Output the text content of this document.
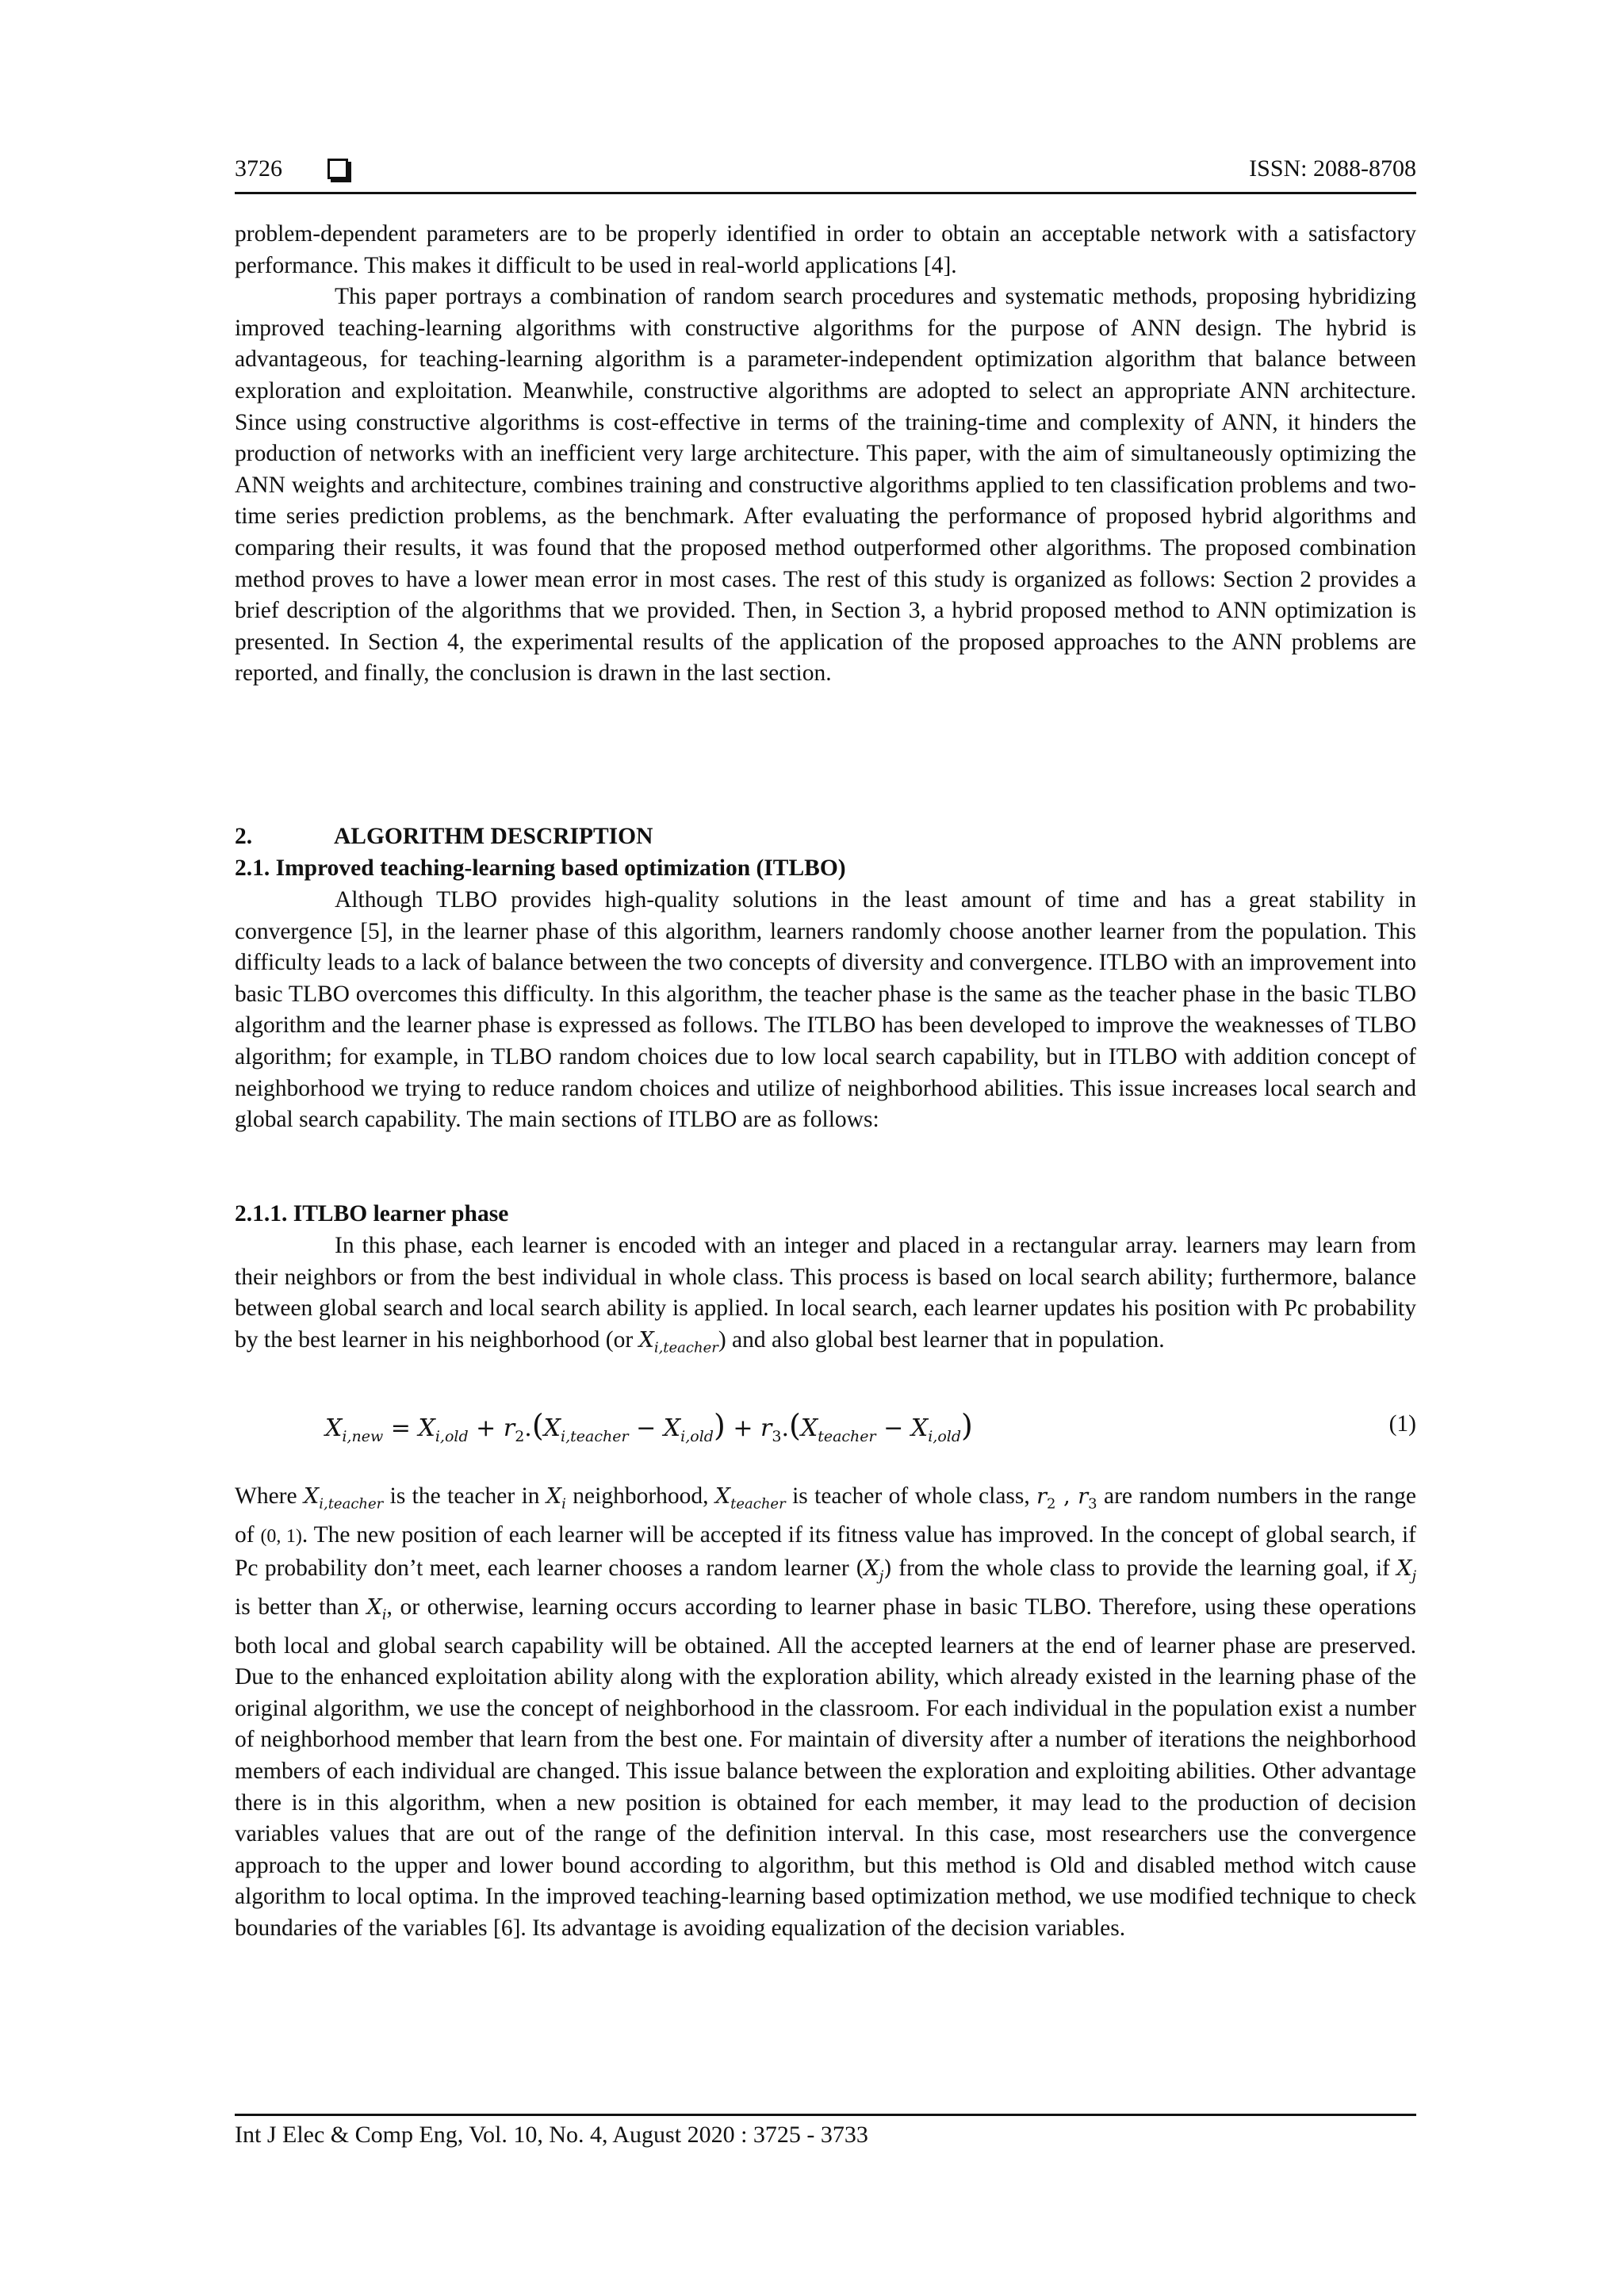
3726	ISSN: 2088-8708

problem-dependent parameters are to be properly identified in order to obtain an acceptable network with a satisfactory performance. This makes it difficult to be used in real-world applications [4].

This paper portrays a combination of random search procedures and systematic methods, proposing hybridizing improved teaching-learning algorithms with constructive algorithms for the purpose of ANN design. The hybrid is advantageous, for teaching-learning algorithm is a parameter-independent optimization algorithm that balance between exploration and exploitation. Meanwhile, constructive algorithms are adopted to select an appropriate ANN architecture. Since using constructive algorithms is cost-effective in terms of the training-time and complexity of ANN, it hinders the production of networks with an inefficient very large architecture. This paper, with the aim of simultaneously optimizing the ANN weights and architecture, combines training and constructive algorithms applied to ten classification problems and two-time series prediction problems, as the benchmark. After evaluating the performance of proposed hybrid algorithms and comparing their results, it was found that the proposed method outperformed other algorithms. The proposed combination method proves to have a lower mean error in most cases. The rest of this study is organized as follows: Section 2 provides a brief description of the algorithms that we provided. Then, in Section 3, a hybrid proposed method to ANN optimization is presented. In Section 4, the experimental results of the application of the proposed approaches to the ANN problems are reported, and finally, the conclusion is drawn in the last section.

2.	ALGORITHM DESCRIPTION
2.1. Improved teaching-learning based optimization (ITLBO)

Although TLBO provides high-quality solutions in the least amount of time and has a great stability in convergence [5], in the learner phase of this algorithm, learners randomly choose another learner from the population. This difficulty leads to a lack of balance between the two concepts of diversity and convergence. ITLBO with an improvement into basic TLBO overcomes this difficulty. In this algorithm, the teacher phase is the same as the teacher phase in the basic TLBO algorithm and the learner phase is expressed as follows. The ITLBO has been developed to improve the weaknesses of TLBO algorithm; for example, in TLBO random choices due to low local search capability, but in ITLBO with addition concept of neighborhood we trying to reduce random choices and utilize of neighborhood abilities. This issue increases local search and global search capability. The main sections of ITLBO are as follows:

2.1.1. ITLBO learner phase

In this phase, each learner is encoded with an integer and placed in a rectangular array. learners may learn from their neighbors or from the best individual in whole class. This process is based on local search ability; furthermore, balance between global search and local search ability is applied. In local search, each learner updates his position with Pc probability by the best learner in his neighborhood (or $X_{i,teacher}$) and also global best learner that in population.

$X_{i,new} = X_{i,old} + r_2.(X_{i,teacher} - X_{i,old}) + r_3.(X_{teacher} - X_{i,old})$	(1)

Where $X_{i,teacher}$ is the teacher in $X_i$ neighborhood, $X_{teacher}$ is teacher of whole class, $r_2$ , $r_3$ are random numbers in the range of (0, 1). The new position of each learner will be accepted if its fitness value has improved. In the concept of global search, if Pc probability don’t meet, each learner chooses a random learner $(X_j)$ from the whole class to provide the learning goal, if $X_j$ is better than $X_i$, or otherwise, learning occurs according to learner phase in basic TLBO. Therefore, using these operations both local and global search capability will be obtained. All the accepted learners at the end of learner phase are preserved. Due to the enhanced exploitation ability along with the exploration ability, which already existed in the learning phase of the original algorithm, we use the concept of neighborhood in the classroom. For each individual in the population exist a number of neighborhood member that learn from the best one. For maintain of diversity after a number of iterations the neighborhood members of each individual are changed. This issue balance between the exploration and exploiting abilities. Other advantage there is in this algorithm, when a new position is obtained for each member, it may lead to the production of decision variables values that are out of the range of the definition interval. In this case, most researchers use the convergence approach to the upper and lower bound according to algorithm, but this method is Old and disabled method witch cause algorithm to local optima. In the improved teaching-learning based optimization method, we use modified technique to check boundaries of the variables [6]. Its advantage is avoiding equalization of the decision variables.

Int J Elec & Comp Eng, Vol. 10, No. 4, August 2020 : 3725 - 3733
